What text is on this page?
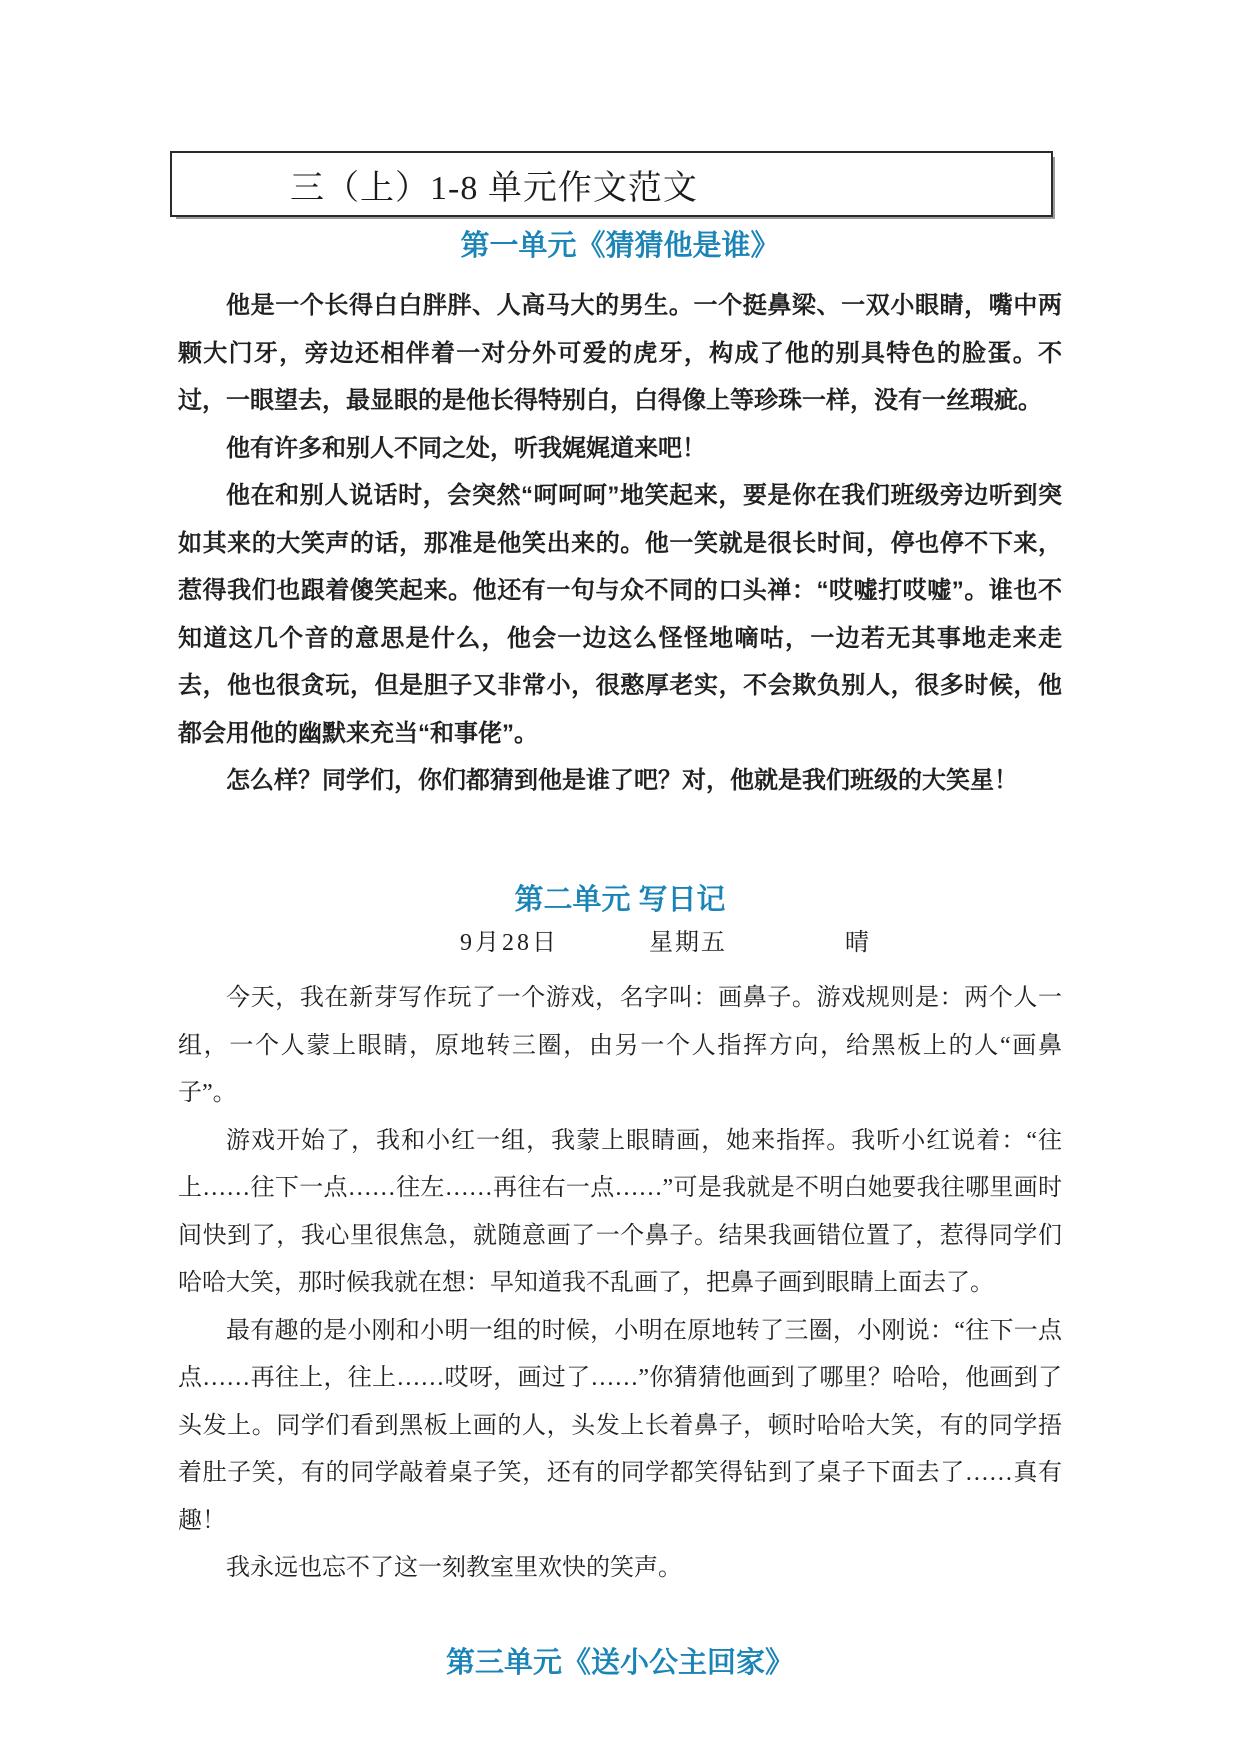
三（上）1-8 单元作文范文
第一单元《猜猜他是谁》

他是一个长得白白胖胖、人高马大的男生。一个挺鼻梁、一双小眼睛，嘴中两颗大门牙，旁边还相伴着一对分外可爱的虎牙，构成了他的别具特色的脸蛋。不过，一眼望去，最显眼的是他长得特别白，白得像上等珍珠一样，没有一丝瑕疵。

他有许多和别人不同之处，听我娓娓道来吧！

他在和别人说话时，会突然“呵呵呵”地笑起来，要是你在我们班级旁边听到突如其来的大笑声的话，那准是他笑出来的。他一笑就是很长时间，停也停不下来，惹得我们也跟着傻笑起来。他还有一句与众不同的口头禅：“哎嘘打哎嘘”。谁也不知道这几个音的意思是什么，他会一边这么怪怪地嘀咕，一边若无其事地走来走去，他也很贪玩，但是胆子又非常小，很憨厚老实，不会欺负别人，很多时候，他都会用他的幽默来充当“和事佬”。

怎么样？同学们，你们都猜到他是谁了吧？对，他就是我们班级的大笑星！

第二单元 写日记
9月28日	星期五	晴

今天，我在新芽写作玩了一个游戏，名字叫：画鼻子。游戏规则是：两个人一组，一个人蒙上眼睛，原地转三圈，由另一个人指挥方向，给黑板上的人“画鼻子”。

游戏开始了，我和小红一组，我蒙上眼睛画，她来指挥。我听小红说着：“往上……往下一点……往左……再往右一点……”可是我就是不明白她要我往哪里画时间快到了，我心里很焦急，就随意画了一个鼻子。结果我画错位置了，惹得同学们哈哈大笑，那时候我就在想：早知道我不乱画了，把鼻子画到眼睛上面去了。

最有趣的是小刚和小明一组的时候，小明在原地转了三圈，小刚说：“往下一点点……再往上，往上……哎呀，画过了……”你猜猜他画到了哪里？哈哈，他画到了头发上。同学们看到黑板上画的人，头发上长着鼻子，顿时哈哈大笑，有的同学捂着肚子笑，有的同学敲着桌子笑，还有的同学都笑得钻到了桌子下面去了……真有趣！

我永远也忘不了这一刻教室里欢快的笑声。

第三单元《送小公主回家》
